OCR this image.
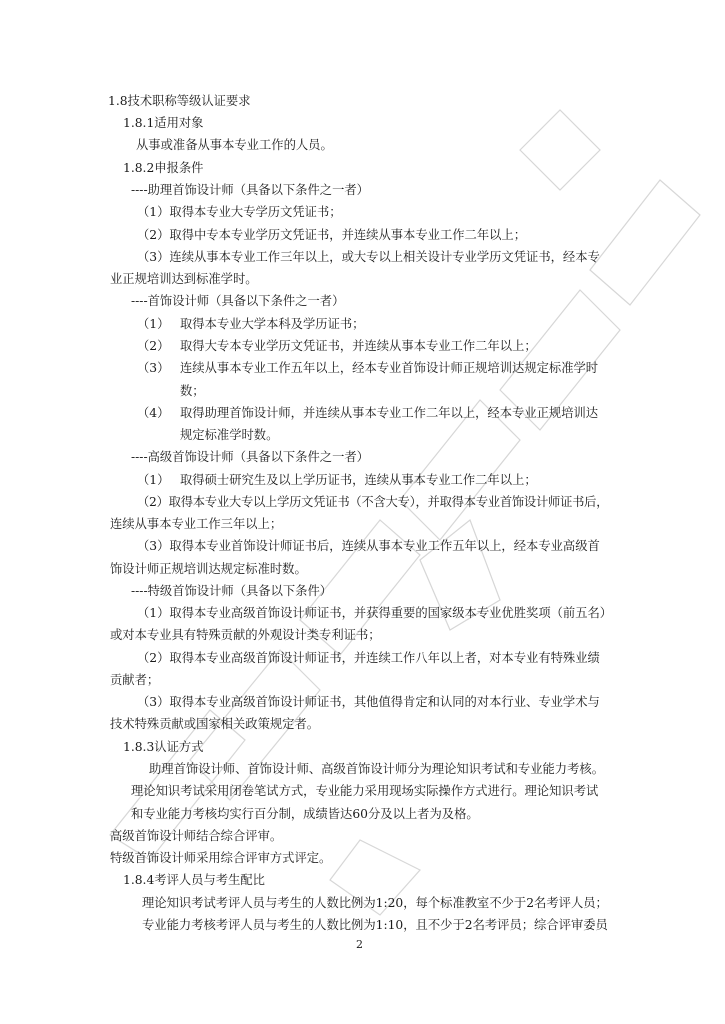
1.8技术职称等级认证要求
1.8.1适用对象
从事或准备从事本专业工作的人员。
1.8.2申报条件
----助理首饰设计师（具备以下条件之一者）
（1）取得本专业大专学历文凭证书；
（2）取得中专本专业学历文凭证书，并连续从事本专业工作二年以上；
（3）连续从事本专业工作三年以上，或大专以上相关设计专业学历文凭证书，经本专
业正规培训达到标准学时。
----首饰设计师（具备以下条件之一者）
（1） 取得本专业大学本科及学历证书；
（2） 取得大专本专业学历文凭证书，并连续从事本专业工作二年以上；
（3） 连续从事本专业工作五年以上，经本专业首饰设计师正规培训达规定标准学时
数；
（4） 取得助理首饰设计师，并连续从事本专业工作二年以上，经本专业正规培训达
规定标准学时数。
----高级首饰设计师（具备以下条件之一者）
（1） 取得硕士研究生及以上学历证书，连续从事本专业工作二年以上；
（2）取得本专业大专以上学历文凭证书（不含大专），并取得本专业首饰设计师证书后，
连续从事本专业工作三年以上；
（3）取得本专业首饰设计师证书后，连续从事本专业工作五年以上，经本专业高级首
饰设计师正规培训达规定标准时数。
----特级首饰设计师（具备以下条件）
（1）取得本专业高级首饰设计师证书，并获得重要的国家级本专业优胜奖项（前五名）
或对本专业具有特殊贡献的外观设计类专利证书；
（2）取得本专业高级首饰设计师证书，并连续工作八年以上者，对本专业有特殊业绩
贡献者；
（3）取得本专业高级首饰设计师证书，其他值得肯定和认同的对本行业、专业学术与
技术特殊贡献或国家相关政策规定者。
1.8.3认证方式
助理首饰设计师、首饰设计师、高级首饰设计师分为理论知识考试和专业能力考核。
理论知识考试采用闭卷笔试方式，专业能力采用现场实际操作方式进行。理论知识考试
和专业能力考核均实行百分制，成绩皆达60分及以上者为及格。
高级首饰设计师结合综合评审。
特级首饰设计师采用综合评审方式评定。
1.8.4考评人员与考生配比
理论知识考试考评人员与考生的人数比例为1:20，每个标准教室不少于2名考评人员；
专业能力考核考评人员与考生的人数比例为1:10，且不少于2名考评员；综合评审委员
2
